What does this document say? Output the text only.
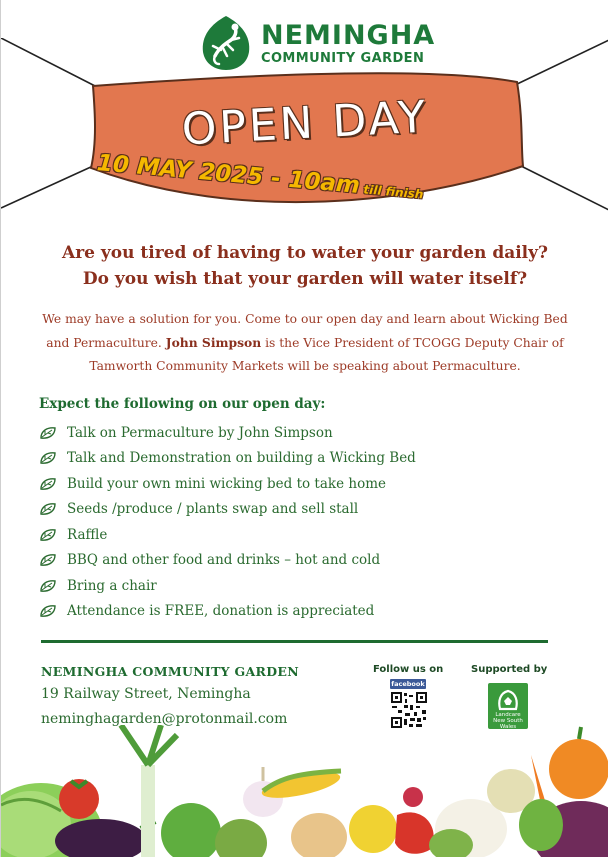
NEMINGHA
COMMUNITY GARDEN
OPEN DAY
10 MAY 2025 - 10am till finish
Are you tired of having to water your garden daily?
Do you wish that your garden will water itself?
We may have a solution for you. Come to our open day and learn about Wicking Bed and Permaculture. John Simpson is the Vice President of TCOGG Deputy Chair of Tamworth Community Markets will be speaking about Permaculture.
Expect the following on our open day:
Talk on Permaculture by John Simpson
Talk and Demonstration on building a Wicking Bed
Build your own mini wicking bed to take home
Seeds /produce / plants swap and sell stall
Raffle
BBQ and other food and drinks – hot and cold
Bring a chair
Attendance is FREE, donation is appreciated
NEMINGHA COMMUNITY GARDEN
19 Railway Street, Nemingha
neminghagarden@protonmail.com
Follow us on
facebook
Supported by
Landcare
New South Wales
